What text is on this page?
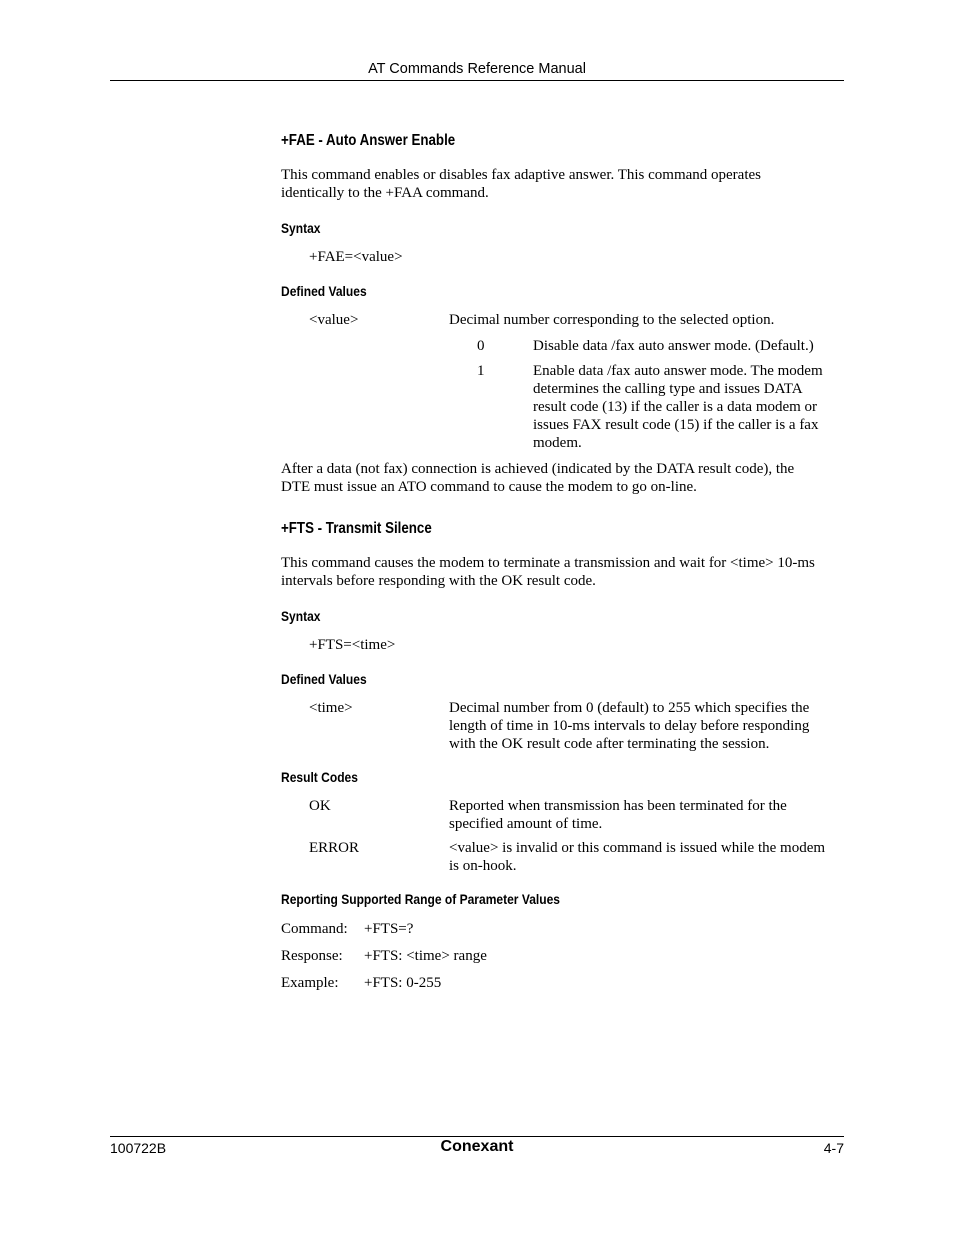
AT Commands Reference Manual
+FAE - Auto Answer Enable
This command enables or disables fax adaptive answer. This command operates
identically to the +FAA command.
Syntax
+FAE=<value>
Defined Values
<value>	Decimal number corresponding to the selected option.
0	Disable data /fax auto answer mode. (Default.)
1	Enable data /fax auto answer mode. The modem
determines the calling type and issues DATA
result code (13) if the caller is a data modem or
issues FAX result code (15) if the caller is a fax
modem.
After a data (not fax) connection is achieved (indicated by the DATA result code), the
DTE must issue an ATO command to cause the modem to go on-line.
+FTS - Transmit Silence
This command causes the modem to terminate a transmission and wait for <time> 10-ms
intervals before responding with the OK result code.
Syntax
+FTS=<time>
Defined Values
<time>	Decimal number from 0 (default) to 255 which specifies the
length of time in 10-ms intervals to delay before responding
with the OK result code after terminating the session.
Result Codes
OK	Reported when transmission has been terminated for the
specified amount of time.
ERROR	<value> is invalid or this command is issued while the modem
is on-hook.
Reporting Supported Range of Parameter Values
Command: +FTS=?
Response: +FTS: <time> range
Example: +FTS: 0-255
100722B	Conexant	4-7
